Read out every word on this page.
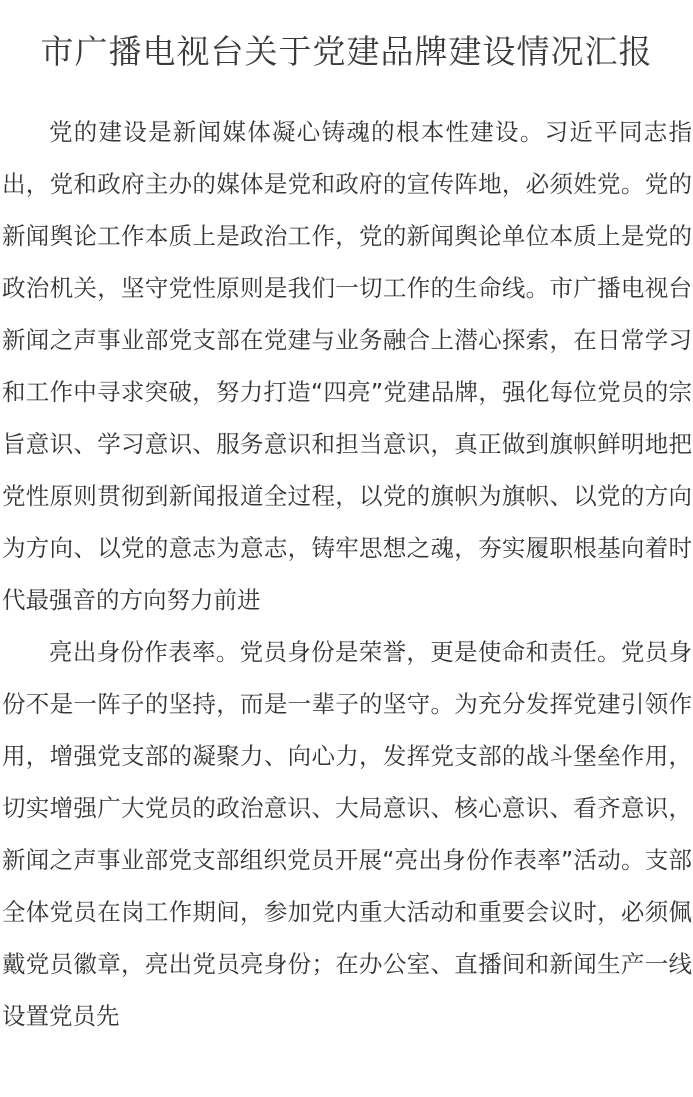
市广播电视台关于党建品牌建设情况汇报

党的建设是新闻媒体凝心铸魂的根本性建设。习近平同志指出，党和政府主办的媒体是党和政府的宣传阵地，必须姓党。党的新闻舆论工作本质上是政治工作，党的新闻舆论单位本质上是党的政治机关，坚守党性原则是我们一切工作的生命线。市广播电视台新闻之声事业部党支部在党建与业务融合上潜心探索，在日常学习和工作中寻求突破，努力打造“四亮”党建品牌，强化每位党员的宗旨意识、学习意识、服务意识和担当意识，真正做到旗帜鲜明地把党性原则贯彻到新闻报道全过程，以党的旗帜为旗帜、以党的方向为方向、以党的意志为意志，铸牢思想之魂，夯实履职根基向着时代最强音的方向努力前进

亮出身份作表率。党员身份是荣誉，更是使命和责任。党员身份不是一阵子的坚持，而是一辈子的坚守。为充分发挥党建引领作用，增强党支部的凝聚力、向心力，发挥党支部的战斗堡垒作用，切实增强广大党员的政治意识、大局意识、核心意识、看齐意识，新闻之声事业部党支部组织党员开展“亮出身份作表率”活动。支部全体党员在岗工作期间，参加党内重大活动和重要会议时，必须佩戴党员徽章，亮出党员亮身份；在办公室、直播间和新闻生产一线设置党员先
